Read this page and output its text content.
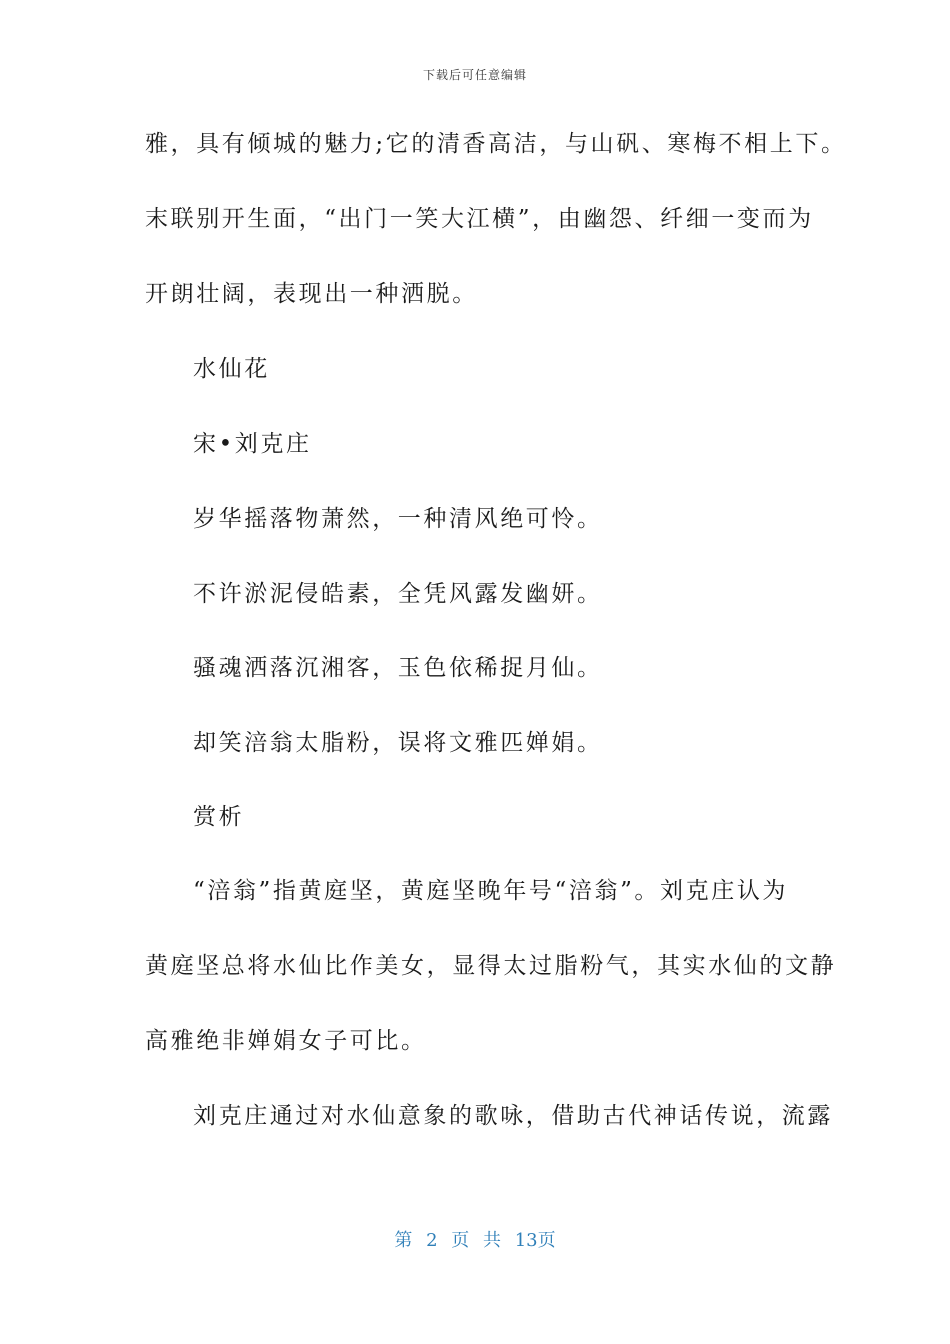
下载后可任意编辑
雅，具有倾城的魅力;它的清香高洁，与山矾、寒梅不相上下。
末联别开生面，“出门一笑大江横”，由幽怨、纤细一变而为
开朗壮阔，表现出一种洒脱。
水仙花
宋•刘克庄
岁华摇落物萧然，一种清风绝可怜。
不许淤泥侵皓素，全凭风露发幽妍。
骚魂洒落沉湘客，玉色依稀捉月仙。
却笑涪翁太脂粉，误将文雅匹婵娟。
赏析
“涪翁”指黄庭坚，黄庭坚晚年号“涪翁”。刘克庄认为
黄庭坚总将水仙比作美女，显得太过脂粉气，其实水仙的文静
高雅绝非婵娟女子可比。
刘克庄通过对水仙意象的歌咏，借助古代神话传说，流露
第 2 页 共 13页
